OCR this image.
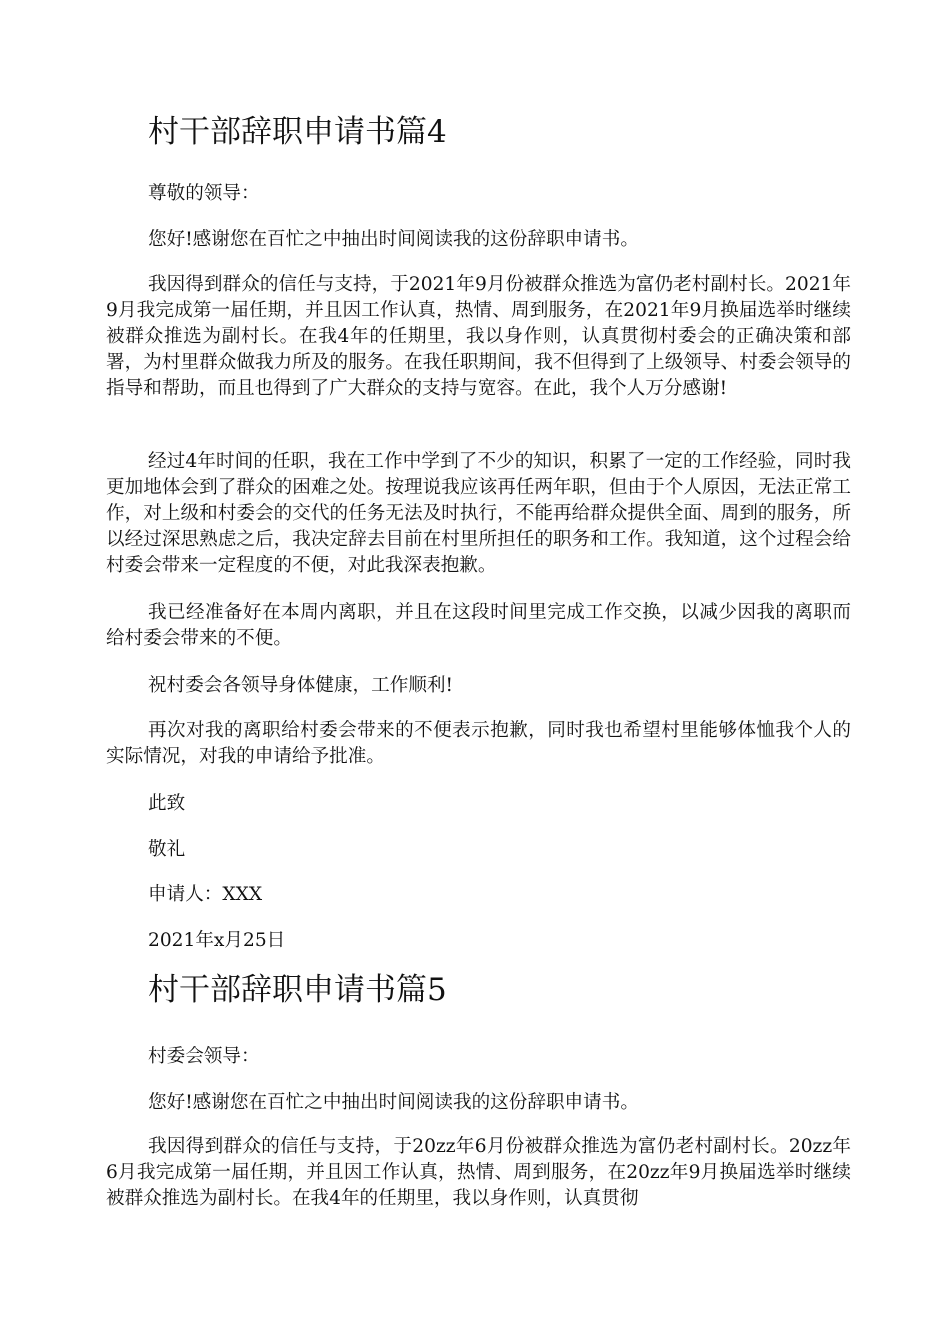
村干部辞职申请书篇4

尊敬的领导：

您好!感谢您在百忙之中抽出时间阅读我的这份辞职申请书。

我因得到群众的信任与支持，于2021年9月份被群众推选为富仍老村副村长。2021年9月我完成第一届任期，并且因工作认真，热情、周到服务，在2021年9月换届选举时继续被群众推选为副村长。在我4年的任期里，我以身作则，认真贯彻村委会的正确决策和部署，为村里群众做我力所及的服务。在我任职期间，我不但得到了上级领导、村委会领导的指导和帮助，而且也得到了广大群众的支持与宽容。在此，我个人万分感谢!

经过4年时间的任职，我在工作中学到了不少的知识，积累了一定的工作经验，同时我更加地体会到了群众的困难之处。按理说我应该再任两年职，但由于个人原因，无法正常工作，对上级和村委会的交代的任务无法及时执行，不能再给群众提供全面、周到的服务，所以经过深思熟虑之后，我决定辞去目前在村里所担任的职务和工作。我知道，这个过程会给村委会带来一定程度的不便，对此我深表抱歉。

我已经准备好在本周内离职，并且在这段时间里完成工作交换，以减少因我的离职而给村委会带来的不便。

祝村委会各领导身体健康，工作顺利!

再次对我的离职给村委会带来的不便表示抱歉，同时我也希望村里能够体恤我个人的实际情况，对我的申请给予批准。

此致

敬礼

申请人：XXX

2021年x月25日

村干部辞职申请书篇5

村委会领导：

您好!感谢您在百忙之中抽出时间阅读我的这份辞职申请书。

我因得到群众的信任与支持，于20zz年6月份被群众推选为富仍老村副村长。20zz年6月我完成第一届任期，并且因工作认真，热情、周到服务，在20zz年9月换届选举时继续被群众推选为副村长。在我4年的任期里，我以身作则，认真贯彻
